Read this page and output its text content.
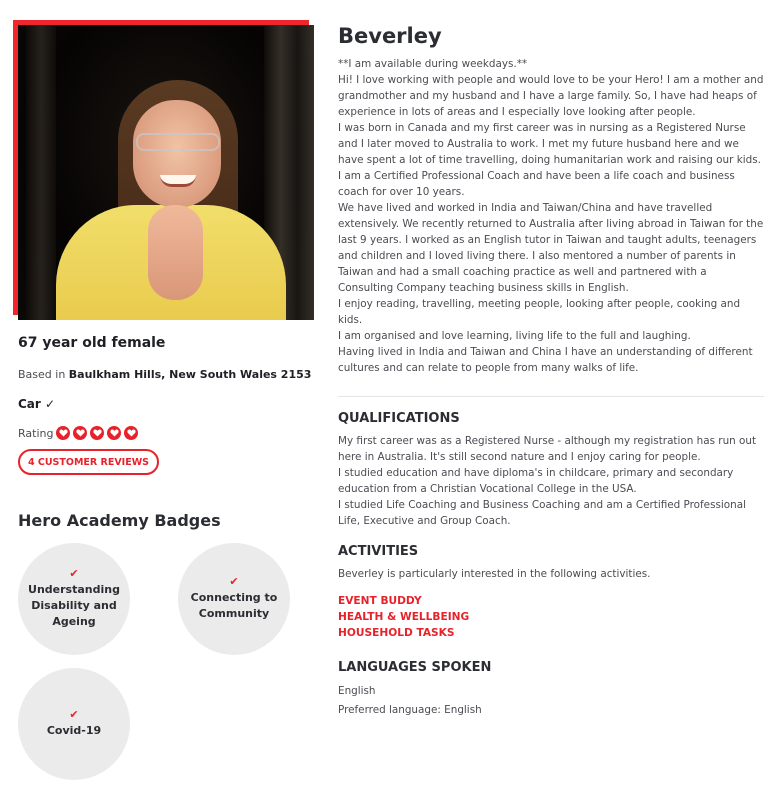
67 year old female
Based in Baulkham Hills, New South Wales 2153
Car ✓
Rating
4 CUSTOMER REVIEWS
Hero Academy Badges
✔
Understanding Disability and Ageing
✔
Connecting to Community
✔
Covid-19
Beverley

**I am available during weekdays.**

Hi! I love working with people and would love to be your Hero! I am a mother and grandmother and my husband and I have a large family. So, I have had heaps of experience in lots of areas and I especially love looking after people.

I was born in Canada and my first career was in nursing as a Registered Nurse and I later moved to Australia to work. I met my future husband here and we have spent a lot of time travelling, doing humanitarian work and raising our kids.

I am a Certified Professional Coach and have been a life coach and business coach for over 10 years.

We have lived and worked in India and Taiwan/China and have travelled extensively. We recently returned to Australia after living abroad in Taiwan for the last 9 years. I worked as an English tutor in Taiwan and taught adults, teenagers and children and I loved living there. I also mentored a number of parents in Taiwan and had a small coaching practice as well and partnered with a Consulting Company teaching business skills in English.

I enjoy reading, travelling, meeting people, looking after people, cooking and kids.

I am organised and love learning, living life to the full and laughing.

Having lived in India and Taiwan and China I have an understanding of different cultures and can relate to people from many walks of life.

QUALIFICATIONS

My first career was as a Registered Nurse - although my registration has run out here in Australia. It's still second nature and I enjoy caring for people.

I studied education and have diploma's in childcare, primary and secondary education from a Christian Vocational College in the USA.

I studied Life Coaching and Business Coaching and am a Certified Professional Life, Executive and Group Coach.

ACTIVITIES
Beverley is particularly interested in the following activities.
EVENT BUDDY
HEALTH & WELLBEING
HOUSEHOLD TASKS
LANGUAGES SPOKEN
English
Preferred language: English
